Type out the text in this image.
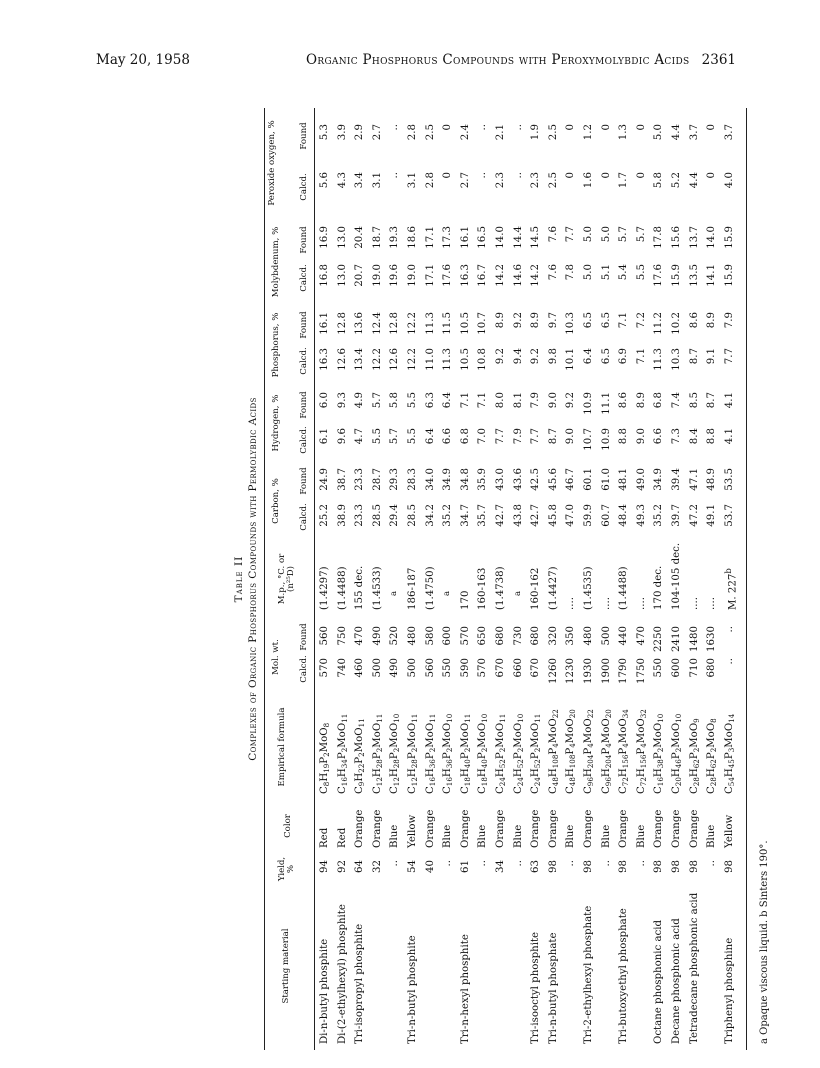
May 20, 1958	Organic Phosphorus Compounds with Peroxymolybdic Acids 2361
Table II Complexes of Organic Phosphorus Compounds with Permolybdic Acids
Starting material
Yield, %
Color
Empirical formula
Mol. wt.
M.p., °C. or (n²⁵D)
Carbon, %
Hydrogen, %
Phosphorus, %
Molybdenum, %
Peroxide oxygen, %
Calcd.
Found
Calcd.
Found
Calcd.
Found
Calcd.
Found
Calcd.
Found
Calcd.
Found
Di-n-butyl phosphite
94
Red
$C_8H_{19}P_2MoO_8$
570
560
(1.4297)
25.2
24.9
6.1
6.0
16.3
16.1
16.8
16.9
5.6
5.3
Di-(2-ethylhexyl) phosphite
92
Red
$C_{16}H_{34}P_2MoO_{11}$
740
750
(1.4488)
38.9
38.7
9.6
9.3
12.6
12.8
13.0
13.0
4.3
3.9
Tri-isopropyl phosphite
64
Orange
$C_9H_{22}P_2MoO_{11}$
460
470
155 dec.
23.3
23.3
4.7
4.9
13.4
13.6
20.7
20.4
3.4
2.9
32
Orange
$C_{12}H_{28}P_2MoO_{11}$
500
490
(1.4533)
28.5
28.7
5.5
5.7
12.2
12.4
19.0
18.7
3.1
2.7
..
Blue
$C_{12}H_{28}P_2MoO_{10}$
490
520
$^a$
29.4
29.3
5.7
5.8
12.6
12.8
19.6
19.3
..
..
Tri-n-butyl phosphite
54
Yellow
$C_{12}H_{28}P_2MoO_{11}$
500
480
186-187
28.5
28.3
5.5
5.5
12.2
12.2
19.0
18.6
3.1
2.8
40
Orange
$C_{16}H_{36}P_2MoO_{11}$
560
580
(1.4750)
34.2
34.0
6.4
6.3
11.0
11.3
17.1
17.1
2.8
2.5
..
Blue
$C_{16}H_{36}P_2MoO_{10}$
550
600
$^a$
35.2
34.9
6.6
6.4
11.3
11.5
17.6
17.3
0
0
Tri-n-hexyl phosphite
61
Orange
$C_{18}H_{40}P_2MoO_{11}$
590
570
170
34.7
34.8
6.8
7.1
10.5
10.5
16.3
16.1
2.7
2.4
..
Blue
$C_{18}H_{40}P_2MoO_{10}$
570
650
160-163
35.7
35.9
7.0
7.1
10.8
10.7
16.7
16.5
..
..
34
Orange
$C_{24}H_{52}P_2MoO_{11}$
670
680
(1.4738)
42.7
43.0
7.7
8.0
9.2
8.9
14.2
14.0
2.3
2.1
..
Blue
$C_{24}H_{52}P_2MoO_{10}$
660
730
$^a$
43.8
43.6
7.9
8.1
9.4
9.2
14.6
14.4
..
..
Tri-isooctyl phosphite
63
Orange
$C_{24}H_{52}P_2MoO_{11}$
670
680
160-162
42.7
42.5
7.7
7.9
9.2
8.9
14.2
14.5
2.3
1.9
Tri-n-butyl phosphate
98
Orange
$C_{48}H_{108}P_4MoO_{22}$
1260
320
(1.4427)
45.8
45.6
8.7
9.0
9.8
9.7
7.6
7.6
2.5
2.5
..
Blue
$C_{48}H_{108}P_4MoO_{20}$
1230
350
....
47.0
46.7
9.0
9.2
10.1
10.3
7.8
7.7
0
0
Tri-2-ethylhexyl phosphate
98
Orange
$C_{96}H_{204}P_4MoO_{22}$
1930
480
(1.4535)
59.9
60.1
10.7
10.9
6.4
6.5
5.0
5.0
1.6
1.2
..
Blue
$C_{96}H_{204}P_4MoO_{20}$
1900
500
....
60.7
61.0
10.9
11.1
6.5
6.5
5.1
5.0
0
0
Tri-butoxyethyl phosphate
98
Orange
$C_{72}H_{156}P_4MoO_{34}$
1790
440
(1.4488)
48.4
48.1
8.8
8.6
6.9
7.1
5.4
5.7
1.7
1.3
..
Blue
$C_{72}H_{156}P_4MoO_{32}$
1750
470
....
49.3
49.0
9.0
8.9
7.1
7.2
5.5
5.7
0
0
Octane phosphonic acid
98
Orange
$C_{16}H_{38}P_2MoO_{10}$
550
2250
170 dec.
35.2
34.9
6.6
6.8
11.3
11.2
17.6
17.8
5.8
5.0
Decane phosphonic acid
98
Orange
$C_{20}H_{46}P_2MoO_{10}$
600
2410
104-105 dec.
39.7
39.4
7.3
7.4
10.3
10.2
15.9
15.6
5.2
4.4
Tetradecane phosphonic acid
98
Orange
$C_{28}H_{62}P_2MoO_9$
710
1480
....
47.2
47.1
8.4
8.5
8.7
8.6
13.5
13.7
4.4
3.7
..
Blue
$C_{28}H_{62}P_2MoO_8$
680
1630
....
49.1
48.9
8.8
8.7
9.1
8.9
14.1
14.0
0
0
Triphenyl phosphine
98
Yellow
$C_{54}H_{45}P_3MoO_{14}$
..
..
M. 227$^b$
53.7
53.5
4.1
4.1
7.7
7.9
15.9
15.9
4.0
3.7
a Opaque viscous liquid. b Sinters 190°.
